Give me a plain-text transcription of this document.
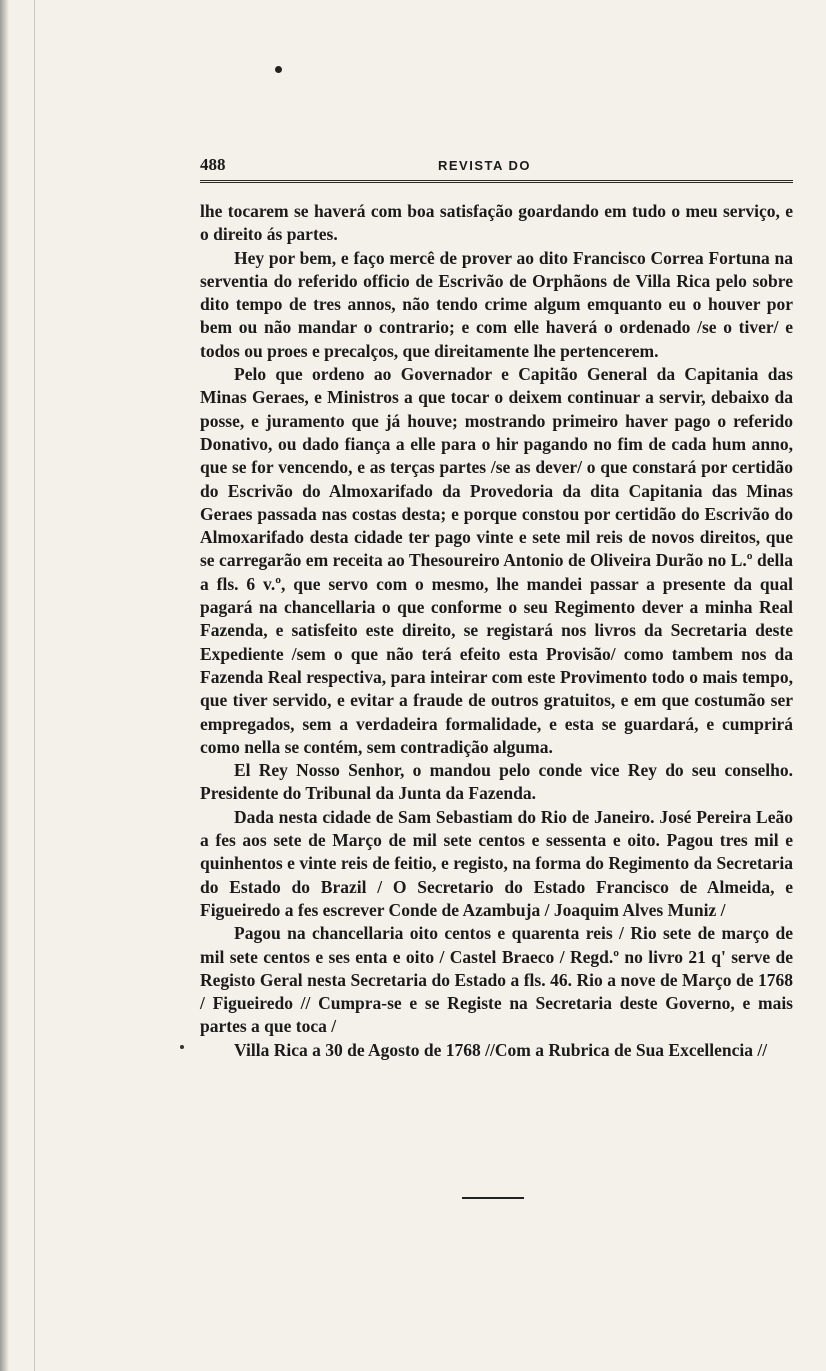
488	REVISTA DO

lhe tocarem se haverá com boa satisfação goardando em tudo o meu serviço, e o direito ás partes.

Hey por bem, e faço mercê de prover ao dito Francisco Correa Fortuna na serventia do referido officio de Escrivão de Orphãons de Villa Rica pelo sobre dito tempo de tres annos, não tendo crime algum emquanto eu o houver por bem ou não mandar o contrario; e com elle haverá o ordenado /se o tiver/ e todos ou proes e precalços, que direitamente lhe pertencerem.

Pelo que ordeno ao Governador e Capitão General da Capitania das Minas Geraes, e Ministros a que tocar o deixem continuar a servir, debaixo da posse, e juramento que já houve; mostrando primeiro haver pago o referido Donativo, ou dado fiança a elle para o hir pagando no fim de cada hum anno, que se for vencendo, e as terças partes /se as dever/ o que constará por certidão do Escrivão do Almoxarifado da Provedoria da dita Capitania das Minas Geraes passada nas costas desta; e porque constou por certidão do Escrivão do Almoxarifado desta cidade ter pago vinte e sete mil reis de novos direitos, que se carregarão em receita ao Thesoureiro Antonio de Oliveira Durão no L.º della a fls. 6 v.º, que servo com o mesmo, lhe mandei passar a presente da qual pagará na chancellaria o que conforme o seu Regimento dever a minha Real Fazenda, e satisfeito este direito, se registará nos livros da Secretaria deste Expediente /sem o que não terá efeito esta Provisão/ como tambem nos da Fazenda Real respectiva, para inteirar com este Provimento todo o mais tempo, que tiver servido, e evitar a fraude de outros gratuitos, e em que costumão ser empregados, sem a verdadeira formalidade, e esta se guardará, e cumprirá como nella se contém, sem contradição alguma.

El Rey Nosso Senhor, o mandou pelo conde vice Rey do seu conselho. Presidente do Tribunal da Junta da Fazenda.

Dada nesta cidade de Sam Sebastiam do Rio de Janeiro. José Pereira Leão a fes aos sete de Março de mil sete centos e sessenta e oito. Pagou tres mil e quinhentos e vinte reis de feitio, e registo, na forma do Regimento da Secretaria do Estado do Brazil / O Secretario do Estado Francisco de Almeida, e Figueiredo a fes escrever Conde de Azambuja / Joaquim Alves Muniz /

Pagou na chancellaria oito centos e quarenta reis / Rio sete de março de mil sete centos e ses enta e oito / Castel Braeco / Regd.º no livro 21 q' serve de Registo Geral nesta Secretaria do Estado a fls. 46. Rio a nove de Março de 1768 / Figueiredo // Cumpra-se e se Registe na Secretaria deste Governo, e mais partes a que toca /

Villa Rica a 30 de Agosto de 1768 //Com a Rubrica de Sua Excellencia //
